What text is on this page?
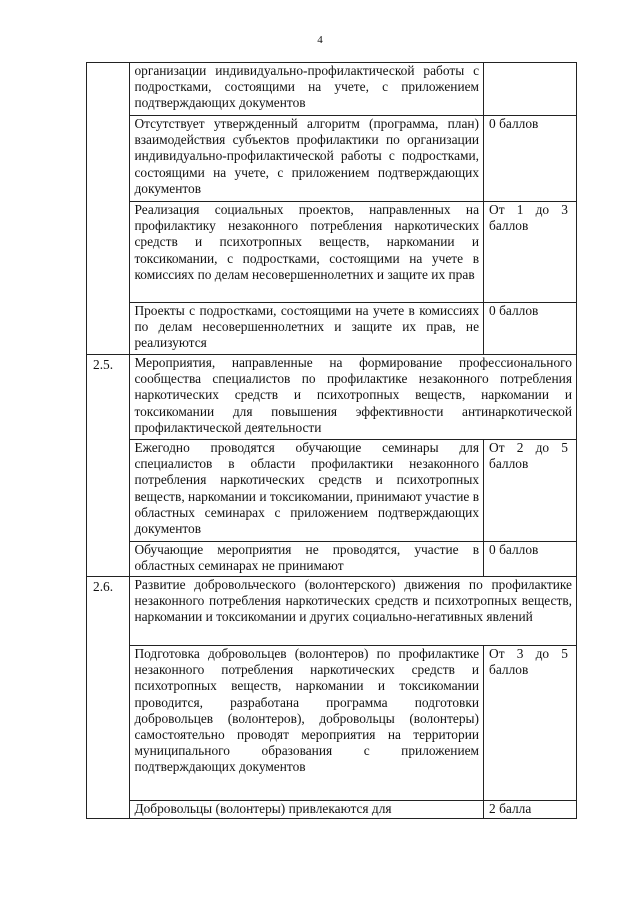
4

	организации индивидуально-профилактической работы с подростками, состоящими на учете, с приложением подтверждающих документов	

	Отсутствует утвержденный алгоритм (программа, план) взаимодействия субъектов профилактики по организации индивидуально-профилактической работы с подростками, состоящими на учете, с приложением подтверждающих документов	0 баллов

	Реализация социальных проектов, направленных на профилактику незаконного потребления наркотических средств и психотропных веществ, наркомании и токсикомании, с подростками, состоящими на учете в комиссиях по делам несовершеннолетних и защите их прав	От 1 до 3 баллов

	Проекты с подростками, состоящими на учете в комиссиях по делам несовершеннолетних и защите их прав, не реализуются	0 баллов

2.5.	Мероприятия, направленные на формирование профессионального сообщества специалистов по профилактике незаконного потребления наркотических средств и психотропных веществ, наркомании и токсикомании для повышения эффективности антинаркотической профилактической деятельности	

	Ежегодно проводятся обучающие семинары для специалистов в области профилактики незаконного потребления наркотических средств и психотропных веществ, наркомании и токсикомании, принимают участие в областных семинарах с приложением подтверждающих документов	От 2 до 5 баллов

	Обучающие мероприятия не проводятся, участие в областных семинарах не принимают	0 баллов

2.6.	Развитие добровольческого (волонтерского) движения по профилактике незаконного потребления наркотических средств и психотропных веществ, наркомании и токсикомании и других социально-негативных явлений	

	Подготовка добровольцев (волонтеров) по профилактике незаконного потребления наркотических средств и психотропных веществ, наркомании и токсикомании проводится, разработана программа подготовки добровольцев (волонтеров), добровольцы (волонтеры) самостоятельно проводят мероприятия на территории муниципального образования с приложением подтверждающих документов	От 3 до 5 баллов

	Добровольцы (волонтеры) привлекаются для	2 балла
